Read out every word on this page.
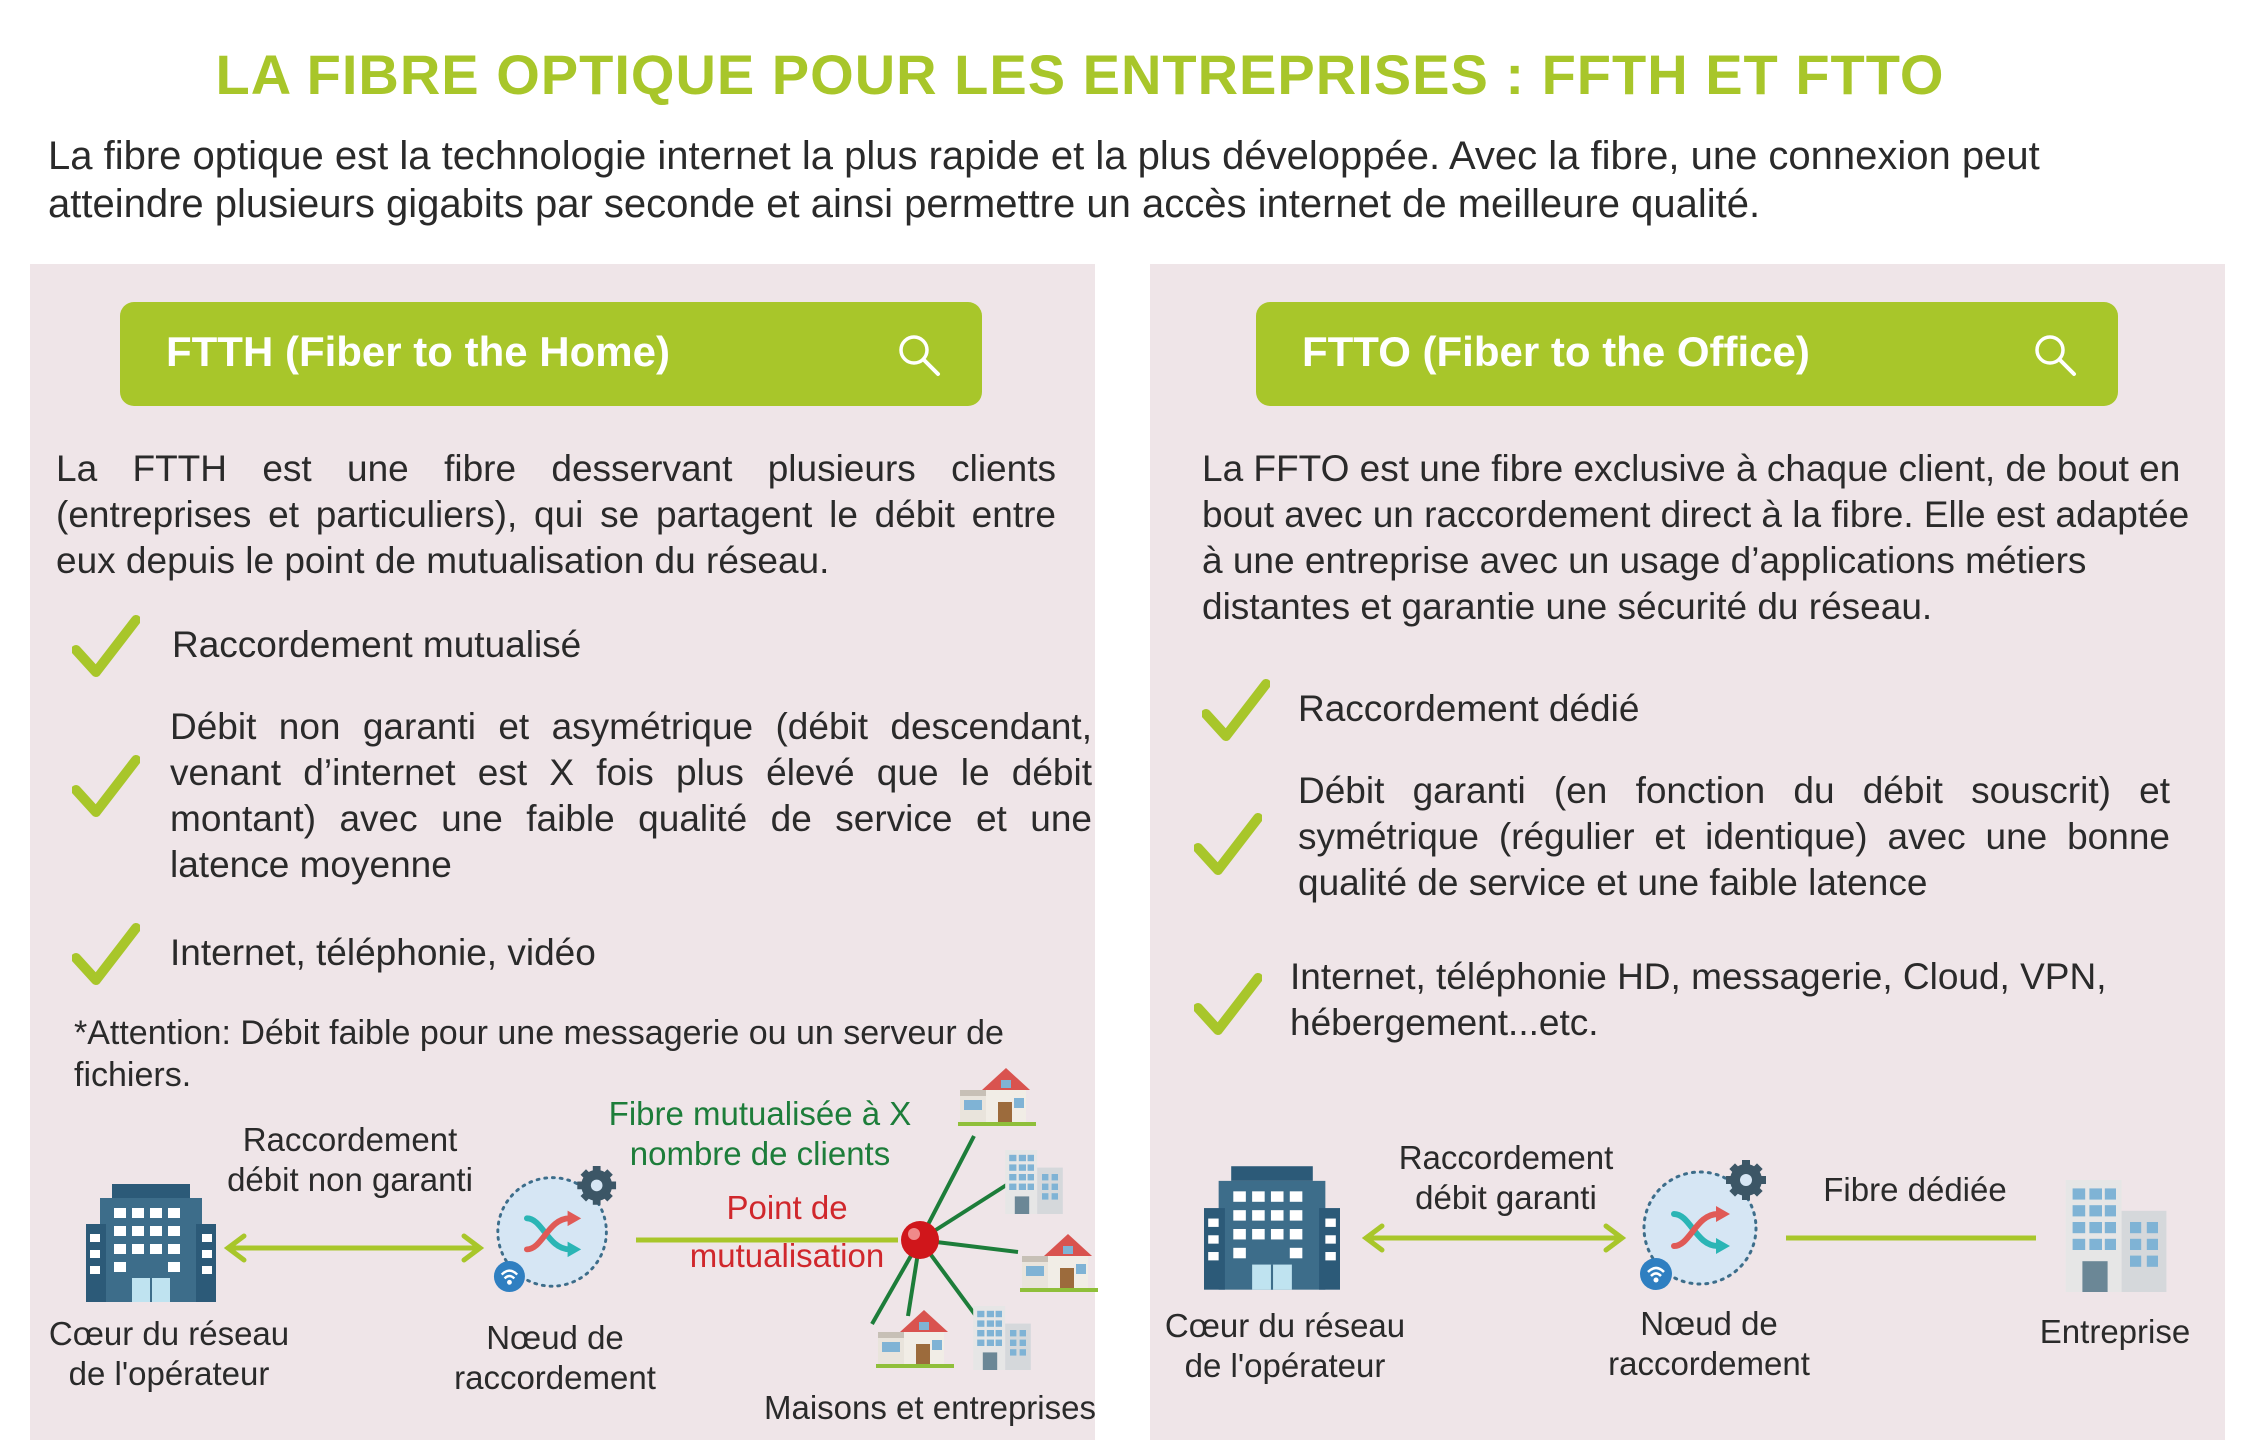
LA FIBRE OPTIQUE POUR LES ENTREPRISES : FFTH ET FTTO
La fibre optique est la technologie internet la plus rapide et la plus développée. Avec la fibre, une connexion peut atteindre plusieurs gigabits par seconde et ainsi permettre un accès internet de meilleure qualité.
FTTH (Fiber to the Home)
La FTTH est une fibre desservant plusieurs clients (entreprises et particuliers), qui se partagent le débit entre eux depuis le point de mutualisation du réseau.
Raccordement mutualisé
Débit non garanti et asymétrique (débit descendant, venant d’internet est X fois plus élevé que le débit montant) avec une faible qualité de service et une latence moyenne
Internet, téléphonie, vidéo
*Attention: Débit faible pour une messagerie ou un serveur de fichiers.
Raccordement débit non garanti
Fibre mutualisée à X nombre de clients
Point de mutualisation
Cœur du réseau de l'opérateur
Nœud de raccordement
Maisons et entreprises
FTTO (Fiber to the Office)
La FFTO est une fibre exclusive à chaque client, de bout en bout avec un raccordement direct à la fibre. Elle est adaptée à une entreprise avec un usage d’applications métiers distantes et garantie une sécurité du réseau.
Raccordement dédié
Débit garanti (en fonction du débit souscrit) et symétrique (régulier et identique) avec une bonne qualité de service et une faible latence
Internet, téléphonie HD, messagerie, Cloud, VPN, hébergement...etc.
Raccordement débit garanti	Fibre dédiée
Cœur du réseau de l'opérateur
Nœud de raccordement
Entreprise
